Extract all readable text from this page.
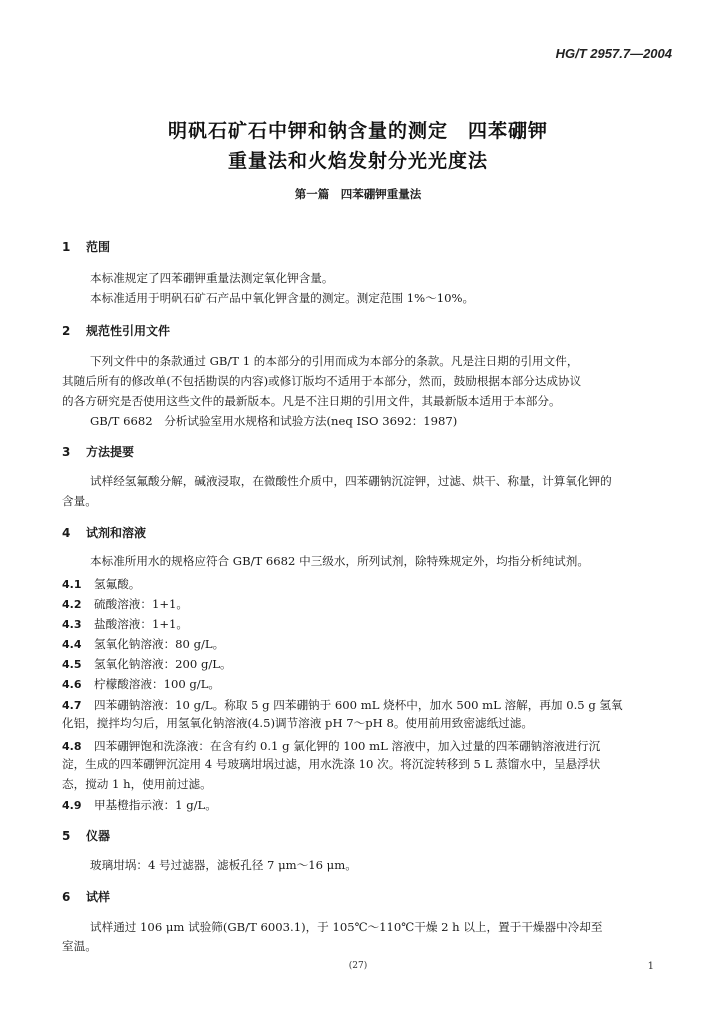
HG/T 2957.7—2004
明矾石矿石中钾和钠含量的测定　四苯硼钾
重量法和火焰发射分光光度法
第一篇　四苯硼钾重量法
1 范围
本标准规定了四苯硼钾重量法测定氧化钾含量。
本标准适用于明矾石矿石产品中氧化钾含量的测定。测定范围 1%～10%。
2 规范性引用文件
下列文件中的条款通过 GB/T 1 的本部分的引用而成为本部分的条款。凡是注日期的引用文件，
其随后所有的修改单(不包括勘误的内容)或修订版均不适用于本部分，然而，鼓励根据本部分达成协议
的各方研究是否使用这些文件的最新版本。凡是不注日期的引用文件，其最新版本适用于本部分。
GB/T 6682　分析试验室用水规格和试验方法(neq ISO 3692：1987)
3 方法提要
试样经氢氟酸分解，碱液浸取，在微酸性介质中，四苯硼钠沉淀钾，过滤、烘干、称量，计算氧化钾的
含量。
4 试剂和溶液
本标准所用水的规格应符合 GB/T 6682 中三级水，所列试剂，除特殊规定外，均指分析纯试剂。
4.1 氢氟酸。
4.2 硫酸溶液：1+1。
4.3 盐酸溶液：1+1。
4.4 氢氧化钠溶液：80 g/L。
4.5 氢氧化钠溶液：200 g/L。
4.6 柠檬酸溶液：100 g/L。
4.7 四苯硼钠溶液：10 g/L。称取 5 g 四苯硼钠于 600 mL 烧杯中，加水 500 mL 溶解，再加 0.5 g 氢氧
化铝，搅拌均匀后，用氢氧化钠溶液(4.5)调节溶液 pH 7～pH 8。使用前用致密滤纸过滤。
4.8 四苯硼钾饱和洗涤液：在含有约 0.1 g 氯化钾的 100 mL 溶液中，加入过量的四苯硼钠溶液进行沉
淀，生成的四苯硼钾沉淀用 4 号玻璃坩埚过滤，用水洗涤 10 次。将沉淀转移到 5 L 蒸馏水中，呈悬浮状
态，搅动 1 h，使用前过滤。
4.9 甲基橙指示液：1 g/L。
5 仪器
玻璃坩埚：4 号过滤器，滤板孔径 7 μm～16 μm。
6 试样
试样通过 106 μm 试验筛(GB/T 6003.1)，于 105℃～110℃干燥 2 h 以上，置于干燥器中冷却至
室温。
(27)	1
